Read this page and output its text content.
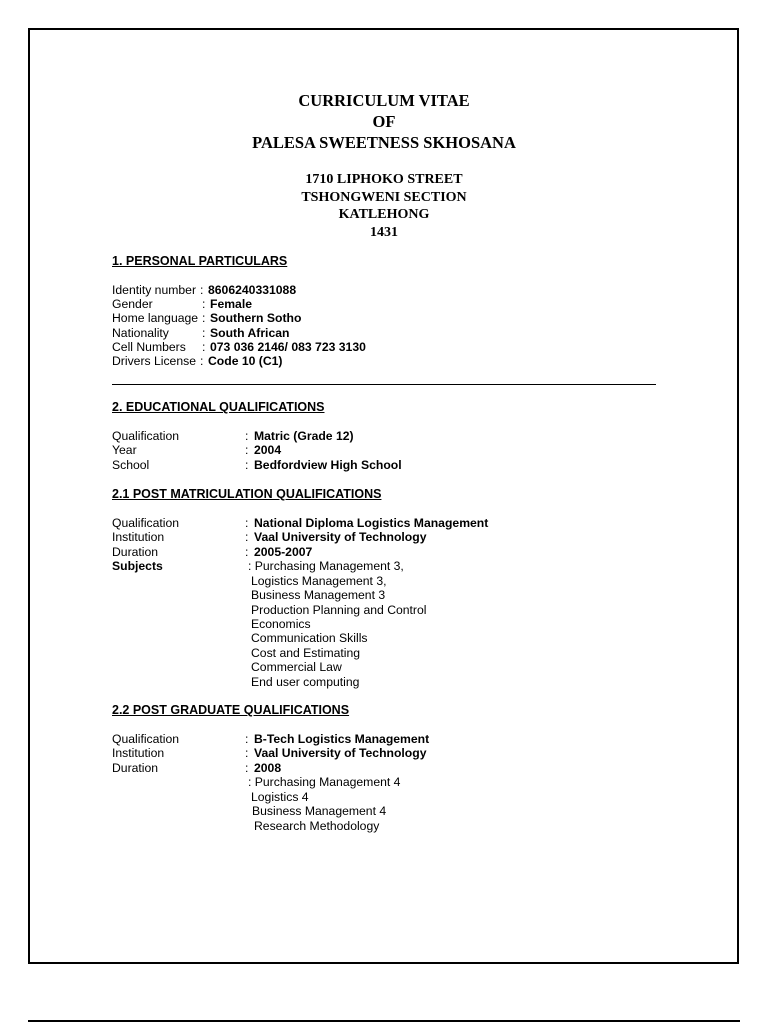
CURRICULUM VITAE
OF
PALESA SWEETNESS SKHOSANA
1710 LIPHOKO STREET
TSHONGWENI SECTION
KATLEHONG
1431
1. PERSONAL PARTICULARS
Identity number : 8606240331088
Gender	: Female
Home language : Southern Sotho
Nationality	: South African
Cell Numbers	: 073 036 2146/ 083 723 3130
Drivers License : Code 10 (C1)
2. EDUCATIONAL QUALIFICATIONS
Qualification	: Matric (Grade 12)
Year	: 2004
School	: Bedfordview High School
2.1 POST MATRICULATION QUALIFICATIONS
Qualification	: National Diploma Logistics Management
Institution	: Vaal University of Technology
Duration	: 2005-2007
Subjects	: Purchasing Management 3,
Logistics Management 3,
Business Management 3
Production Planning and Control
Economics
Communication Skills
Cost and Estimating
Commercial Law
End user computing
2.2 POST GRADUATE QUALIFICATIONS
Qualification	: B-Tech Logistics Management
Institution	: Vaal University of Technology
Duration	: 2008
: Purchasing Management 4
Logistics 4
Business Management 4
Research Methodology
